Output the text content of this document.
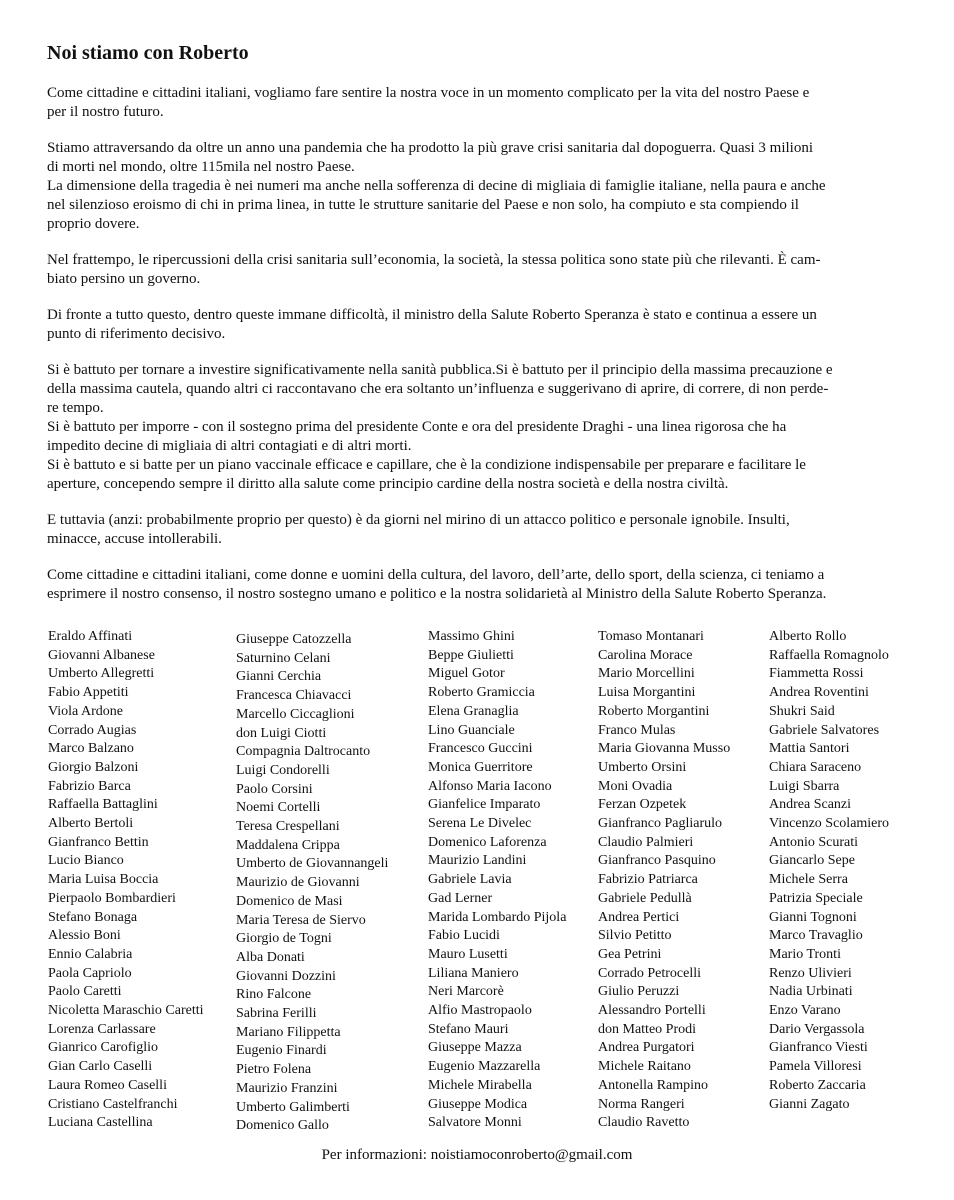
Noi stiamo con Roberto

Come cittadine e cittadini italiani, vogliamo fare sentire la nostra voce in un momento complicato per la vita del nostro Paese e
per il nostro futuro.

Stiamo attraversando da oltre un anno una pandemia che ha prodotto la più grave crisi sanitaria dal dopoguerra. Quasi 3 milioni
di morti nel mondo, oltre 115mila nel nostro Paese.
La dimensione della tragedia è nei numeri ma anche nella sofferenza di decine di migliaia di famiglie italiane, nella paura e anche
nel silenzioso eroismo di chi in prima linea, in tutte le strutture sanitarie del Paese e non solo, ha compiuto e sta compiendo il
proprio dovere.

Nel frattempo, le ripercussioni della crisi sanitaria sull’economia, la società, la stessa politica sono state più che rilevanti. È cam-
biato persino un governo.

Di fronte a tutto questo, dentro queste immane difficoltà, il ministro della Salute Roberto Speranza è stato e continua a essere un
punto di riferimento decisivo.

Si è battuto per tornare a investire significativamente nella sanità pubblica.Si è battuto per il principio della massima precauzione e
della massima cautela, quando altri ci raccontavano che era soltanto un’influenza e suggerivano di aprire, di correre, di non perde-
re tempo.
Si è battuto per imporre - con il sostegno prima del presidente Conte e ora del presidente Draghi - una linea rigorosa che ha
impedito decine di migliaia di altri contagiati e di altri morti.
Si è battuto e si batte per un piano vaccinale efficace e capillare, che è la condizione indispensabile per preparare e facilitare le
aperture, concependo sempre il diritto alla salute come principio cardine della nostra società e della nostra civiltà.

E tuttavia (anzi: probabilmente proprio per questo) è da giorni nel mirino di un attacco politico e personale ignobile. Insulti,
minacce, accuse intollerabili.

Come cittadine e cittadini italiani, come donne e uomini della cultura, del lavoro, dell’arte, dello sport, della scienza, ci teniamo a
esprimere il nostro consenso, il nostro sostegno umano e politico e la nostra solidarietà al Ministro della Salute Roberto Speranza.

Eraldo Affinati
Giovanni Albanese
Umberto Allegretti
Fabio Appetiti
Viola Ardone
Corrado Augias
Marco Balzano
Giorgio Balzoni
Fabrizio Barca
Raffaella Battaglini
Alberto Bertoli
Gianfranco Bettin
Lucio Bianco
Maria Luisa Boccia
Pierpaolo Bombardieri
Stefano Bonaga
Alessio Boni
Ennio Calabria
Paola Capriolo
Paolo Caretti
Nicoletta Maraschio Caretti
Lorenza Carlassare
Gianrico Carofiglio
Gian Carlo Caselli
Laura Romeo Caselli
Cristiano Castelfranchi
Luciana Castellina
Giuseppe Catozzella
Saturnino Celani
Gianni Cerchia
Francesca Chiavacci
Marcello Ciccaglioni
don Luigi Ciotti
Compagnia Daltrocanto
Luigi Condorelli
Paolo Corsini
Noemi Cortelli
Teresa Crespellani
Maddalena Crippa
Umberto de Giovannangeli
Maurizio de Giovanni
Domenico de Masi
Maria Teresa de Siervo
Giorgio de Togni
Alba Donati
Giovanni Dozzini
Rino Falcone
Sabrina Ferilli
Mariano Filippetta
Eugenio Finardi
Pietro Folena
Maurizio Franzini
Umberto Galimberti
Domenico Gallo
Massimo Ghini
Beppe Giulietti
Miguel Gotor
Roberto Gramiccia
Elena Granaglia
Lino Guanciale
Francesco Guccini
Monica Guerritore
Alfonso Maria Iacono
Gianfelice Imparato
Serena Le Divelec
Domenico Laforenza
Maurizio Landini
Gabriele Lavia
Gad Lerner
Marida Lombardo Pijola
Fabio Lucidi
Mauro Lusetti
Liliana Maniero
Neri Marcorè
Alfio Mastropaolo
Stefano Mauri
Giuseppe Mazza
Eugenio Mazzarella
Michele Mirabella
Giuseppe Modica
Salvatore Monni
Tomaso Montanari
Carolina Morace
Mario Morcellini
Luisa Morgantini
Roberto Morgantini
Franco Mulas
Maria Giovanna Musso
Umberto Orsini
Moni Ovadia
Ferzan Ozpetek
Gianfranco Pagliarulo
Claudio Palmieri
Gianfranco Pasquino
Fabrizio Patriarca
Gabriele Pedullà
Andrea Pertici
Silvio Petitto
Gea Petrini
Corrado Petrocelli
Giulio Peruzzi
Alessandro Portelli
don Matteo Prodi
Andrea Purgatori
Michele Raitano
Antonella Rampino
Norma Rangeri
Claudio Ravetto
Alberto Rollo
Raffaella Romagnolo
Fiammetta Rossi
Andrea Roventini
Shukri Said
Gabriele Salvatores
Mattia Santori
Chiara Saraceno
Luigi Sbarra
Andrea Scanzi
Vincenzo Scolamiero
Antonio Scurati
Giancarlo Sepe
Michele Serra
Patrizia Speciale
Gianni Tognoni
Marco Travaglio
Mario Tronti
Renzo Ulivieri
Nadia Urbinati
Enzo Varano
Dario Vergassola
Gianfranco Viesti
Pamela Villoresi
Roberto Zaccaria
Gianni Zagato
Per informazioni: noistiamoconroberto@gmail.com
